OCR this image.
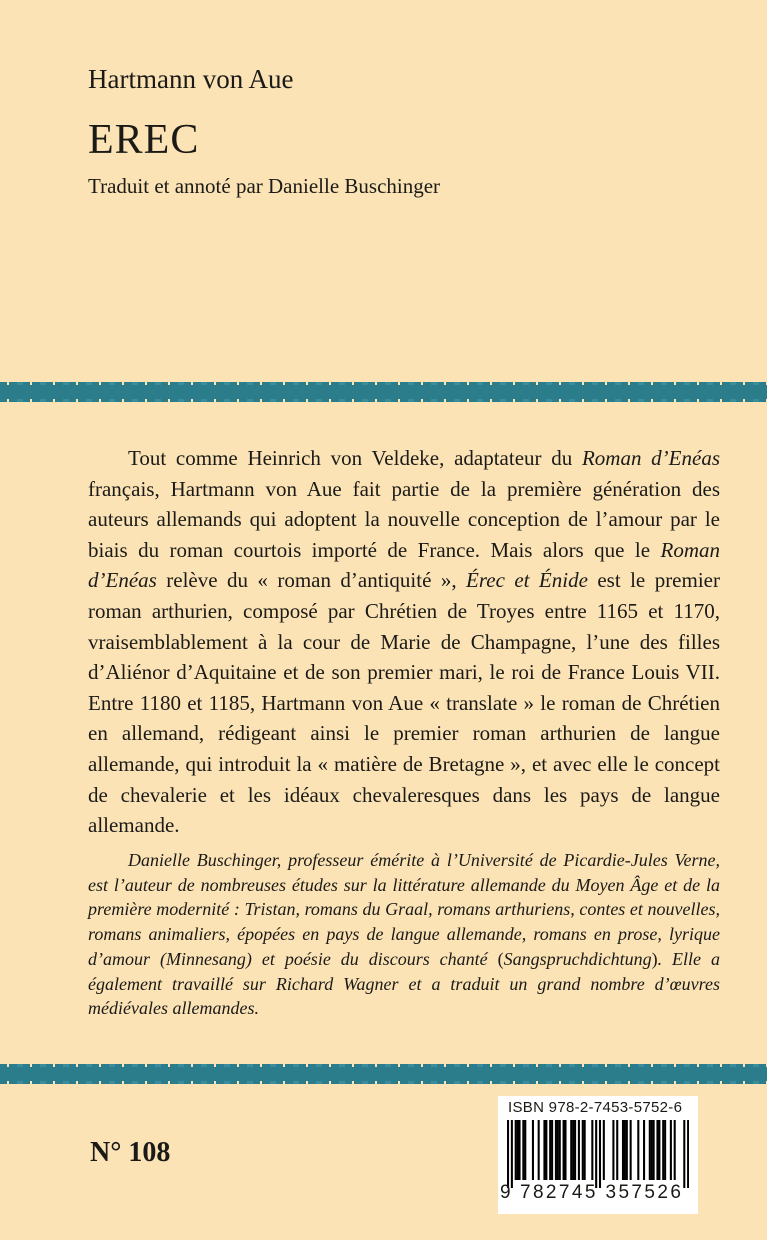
Hartmann von Aue
EREC
Traduit et annoté par Danielle Buschinger

Tout comme Heinrich von Veldeke, adaptateur du Roman d’Enéas français, Hartmann von Aue fait partie de la première génération des auteurs allemands qui adoptent la nouvelle conception de l’amour par le biais du roman courtois importé de France. Mais alors que le Roman d’Enéas relève du « roman d’antiquité », Érec et Énide est le premier roman arthurien, composé par Chrétien de Troyes entre 1165 et 1170, vraisemblablement à la cour de Marie de Champagne, l’une des filles d’Aliénor d’Aquitaine et de son premier mari, le roi de France Louis VII. Entre 1180 et 1185, Hartmann von Aue « translate » le roman de Chrétien en allemand, rédigeant ainsi le premier roman arthurien de langue allemande, qui introduit la « matière de Bretagne », et avec elle le concept de chevalerie et les idéaux chevaleresques dans les pays de langue allemande.

Danielle Buschinger, professeur émérite à l’Université de Picardie-Jules Verne, est l’auteur de nombreuses études sur la littérature allemande du Moyen Âge et de la première modernité : Tristan, romans du Graal, romans arthuriens, contes et nouvelles, romans animaliers, épopées en pays de langue allemande, romans en prose, lyrique d’amour (Minnesang) et poésie du discours chanté (Sangspruchdichtung). Elle a également travaillé sur Richard Wagner et a traduit un grand nombre d’œuvres médiévales allemandes.

N° 108
ISBN 978-2-7453-5752-6
9 782745 357526
